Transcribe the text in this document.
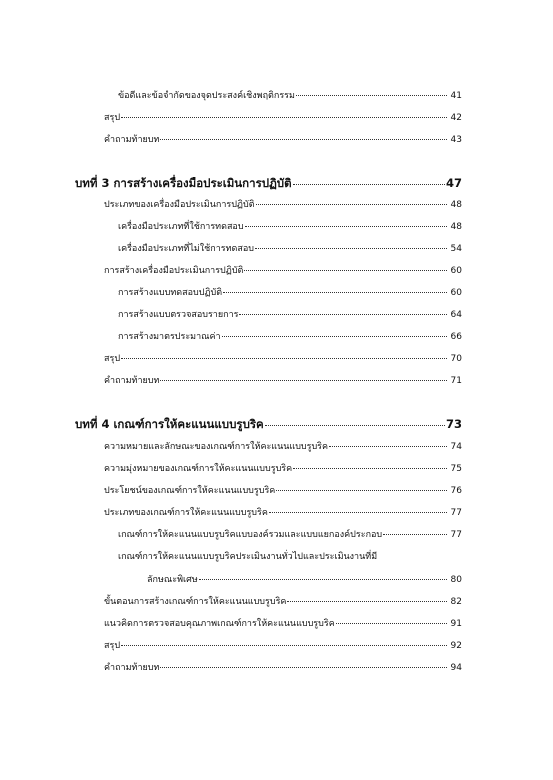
ข้อดีและข้อจำกัดของจุดประสงค์เชิงพฤติกรรม	41
สรุป	42
คำถามท้ายบท	43
บทที่ 3 การสร้างเครื่องมือประเมินการปฏิบัติ	47
ประเภทของเครื่องมือประเมินการปฏิบัติ	48
เครื่องมือประเภทที่ใช้การทดสอบ	48
เครื่องมือประเภทที่ไม่ใช้การทดสอบ	54
การสร้างเครื่องมือประเมินการปฏิบัติ	60
การสร้างแบบทดสอบปฏิบัติ	60
การสร้างแบบตรวจสอบรายการ	64
การสร้างมาตรประมาณค่า	66
สรุป	70
คำถามท้ายบท	71
บทที่ 4 เกณฑ์การให้คะแนนแบบรูบริค	73
ความหมายและลักษณะของเกณฑ์การให้คะแนนแบบรูบริค	74
ความมุ่งหมายของเกณฑ์การให้คะแนนแบบรูบริค	75
ประโยชน์ของเกณฑ์การให้คะแนนแบบรูบริค	76
ประเภทของเกณฑ์การให้คะแนนแบบรูบริค	77
เกณฑ์การให้คะแนนแบบรูบริคแบบองค์รวมและแบบแยกองค์ประกอบ	77
เกณฑ์การให้คะแนนแบบรูบริคประเมินงานทั่วไปและประเมินงานที่มี
ลักษณะพิเศษ	80
ขั้นตอนการสร้างเกณฑ์การให้คะแนนแบบรูบริค	82
แนวคิดการตรวจสอบคุณภาพเกณฑ์การให้คะแนนแบบรูบริค	91
สรุป	92
คำถามท้ายบท	94
